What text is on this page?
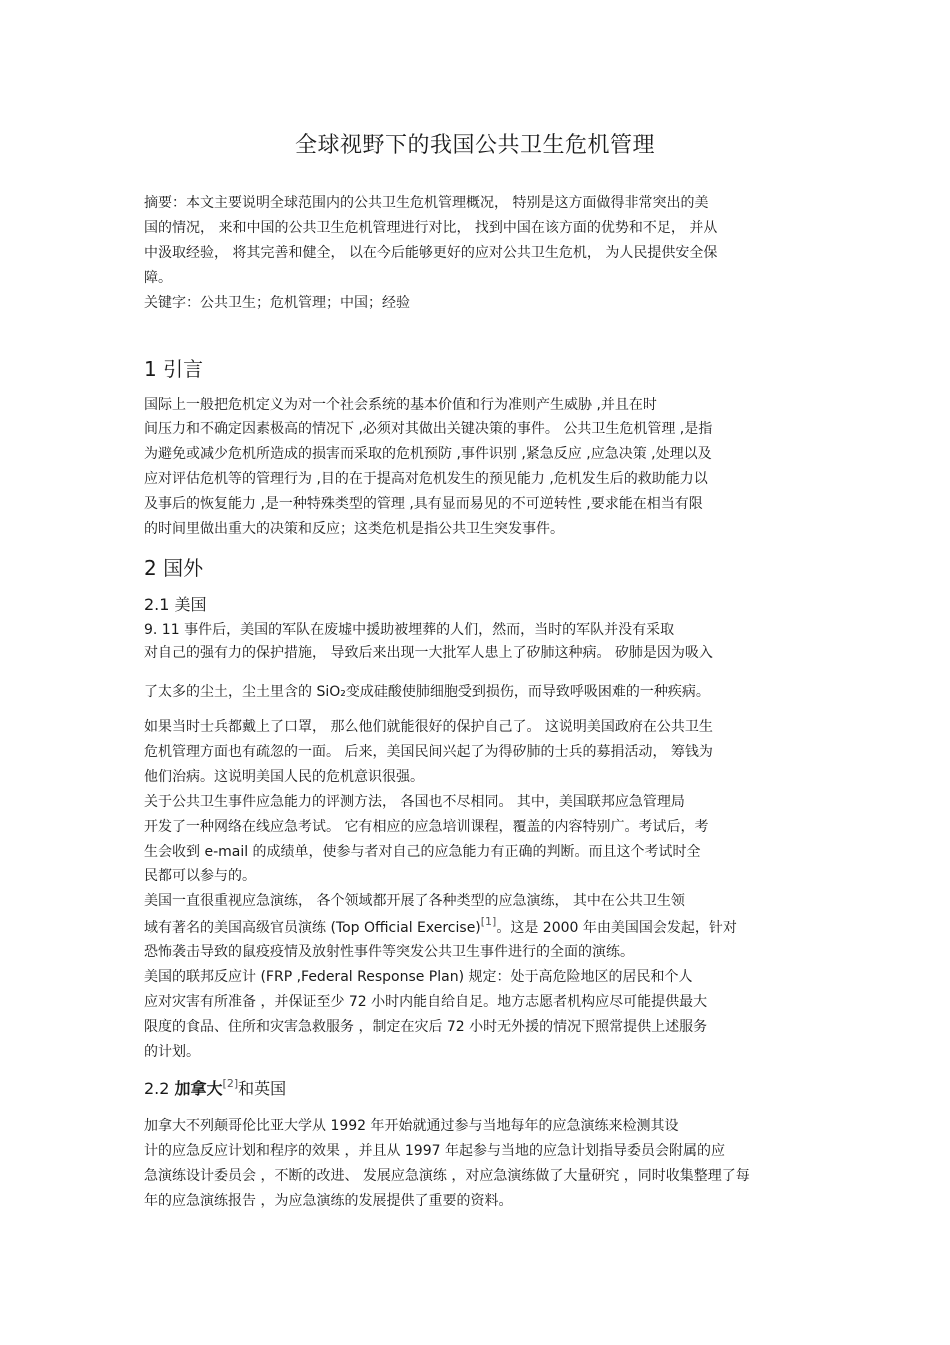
全球视野下的我国公共卫生危机管理
摘要：本文主要说明全球范围内的公共卫生危机管理概况， 特别是这方面做得非常突出的美
国的情况， 来和中国的公共卫生危机管理进行对比， 找到中国在该方面的优势和不足， 并从
中汲取经验， 将其完善和健全， 以在今后能够更好的应对公共卫生危机， 为人民提供安全保
障。
关键字：公共卫生；危机管理；中国；经验
1 引言
国际上一般把危机定义为对一个社会系统的基本价值和行为准则产生威胁 ,并且在时
间压力和不确定因素极高的情况下 ,必须对其做出关键决策的事件。 公共卫生危机管理 ,是指
为避免或减少危机所造成的损害而采取的危机预防 ,事件识别 ,紧急反应 ,应急决策 ,处理以及
应对评估危机等的管理行为 ,目的在于提高对危机发生的预见能力 ,危机发生后的救助能力以
及事后的恢复能力 ,是一种特殊类型的管理 ,具有显而易见的不可逆转性 ,要求能在相当有限
的时间里做出重大的决策和反应；这类危机是指公共卫生突发事件。
2 国外
2.1 美国
9. 11 事件后，美国的军队在废墟中援助被埋葬的人们，然而，当时的军队并没有采取
对自己的强有力的保护措施， 导致后来出现一大批军人患上了矽肺这种病。 矽肺是因为吸入
了太多的尘土，尘土里含的 SiO₂变成硅酸使肺细胞受到损伤，而导致呼吸困难的一种疾病。
如果当时士兵都戴上了口罩， 那么他们就能很好的保护自己了。 这说明美国政府在公共卫生
危机管理方面也有疏忽的一面。 后来，美国民间兴起了为得矽肺的士兵的募捐活动， 筹钱为
他们治病。这说明美国人民的危机意识很强。
关于公共卫生事件应急能力的评测方法， 各国也不尽相同。 其中，美国联邦应急管理局
开发了一种网络在线应急考试。 它有相应的应急培训课程，覆盖的内容特别广。考试后，考
生会收到 e-mail 的成绩单，使参与者对自己的应急能力有正确的判断。而且这个考试时全
民都可以参与的。
美国一直很重视应急演练， 各个领域都开展了各种类型的应急演练， 其中在公共卫生领
域有著名的美国高级官员演练 (Top Official Exercise)[1]。这是 2000 年由美国国会发起，针对
恐怖袭击导致的鼠疫疫情及放射性事件等突发公共卫生事件进行的全面的演练。
美国的联邦反应计 (FRP ,Federal Response Plan) 规定：处于高危险地区的居民和个人
应对灾害有所准备 ，并保证至少 72 小时内能自给自足。地方志愿者机构应尽可能提供最大
限度的食品、住所和灾害急救服务 ，制定在灾后 72 小时无外援的情况下照常提供上述服务
的计划。
2.2 加拿大[2]和英国
加拿大不列颠哥伦比亚大学从 1992 年开始就通过参与当地每年的应急演练来检测其设
计的应急反应计划和程序的效果 ，并且从 1997 年起参与当地的应急计划指导委员会附属的应
急演练设计委员会 ，不断的改进、 发展应急演练 ，对应急演练做了大量研究 ，同时收集整理了每
年的应急演练报告 ，为应急演练的发展提供了重要的资料。
